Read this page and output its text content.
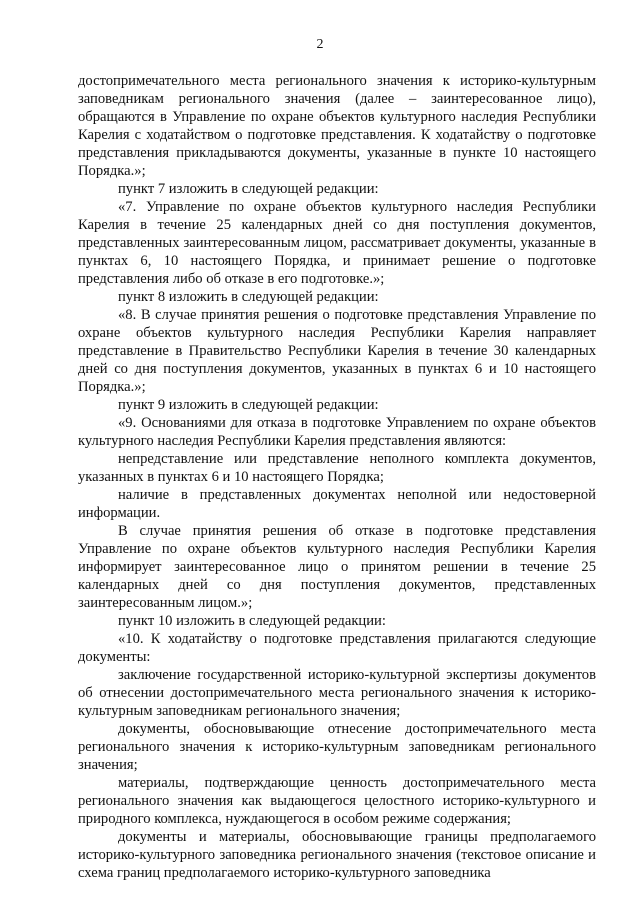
2

достопримечательного места регионального значения к историко-культурным заповедникам регионального значения (далее – заинтересованное лицо), обращаются в Управление по охране объектов культурного наследия Республики Карелия с ходатайством о подготовке представления. К ходатайству о подготовке представления прикладываются документы, указанные в пункте 10 настоящего Порядка.»;

пункт 7 изложить в следующей редакции:

«7. Управление по охране объектов культурного наследия Республики Карелия в течение 25 календарных дней со дня поступления документов, представленных заинтересованным лицом, рассматривает документы, указанные в пунктах 6, 10 настоящего Порядка, и принимает решение о подготовке представления либо об отказе в его подготовке.»;

пункт 8 изложить в следующей редакции:

«8. В случае принятия решения о подготовке представления Управление по охране объектов культурного наследия Республики Карелия направляет представление в Правительство Республики Карелия в течение 30 календарных дней со дня поступления документов, указанных в пунктах 6 и 10 настоящего Порядка.»;

пункт 9 изложить в следующей редакции:

«9. Основаниями для отказа в подготовке Управлением по охране объектов культурного наследия Республики Карелия представления являются:

непредставление или представление неполного комплекта документов, указанных в пунктах 6 и 10 настоящего Порядка;

наличие в представленных документах неполной или недостоверной информации.

В случае принятия решения об отказе в подготовке представления Управление по охране объектов культурного наследия Республики Карелия информирует заинтересованное лицо о принятом решении в течение 25 календарных дней со дня поступления документов, представленных заинтересованным лицом.»;

пункт 10 изложить в следующей редакции:

«10. К ходатайству о подготовке представления прилагаются следующие документы:

заключение государственной историко-культурной экспертизы документов об отнесении достопримечательного места регионального значения к историко-культурным заповедникам регионального значения;

документы, обосновывающие отнесение достопримечательного места регионального значения к историко-культурным заповедникам регионального значения;

материалы, подтверждающие ценность достопримечательного места регионального значения как выдающегося целостного историко-культурного и природного комплекса, нуждающегося в особом режиме содержания;

документы и материалы, обосновывающие границы предполагаемого историко-культурного заповедника регионального значения (текстовое описание и схема границ предполагаемого историко-культурного заповедника
